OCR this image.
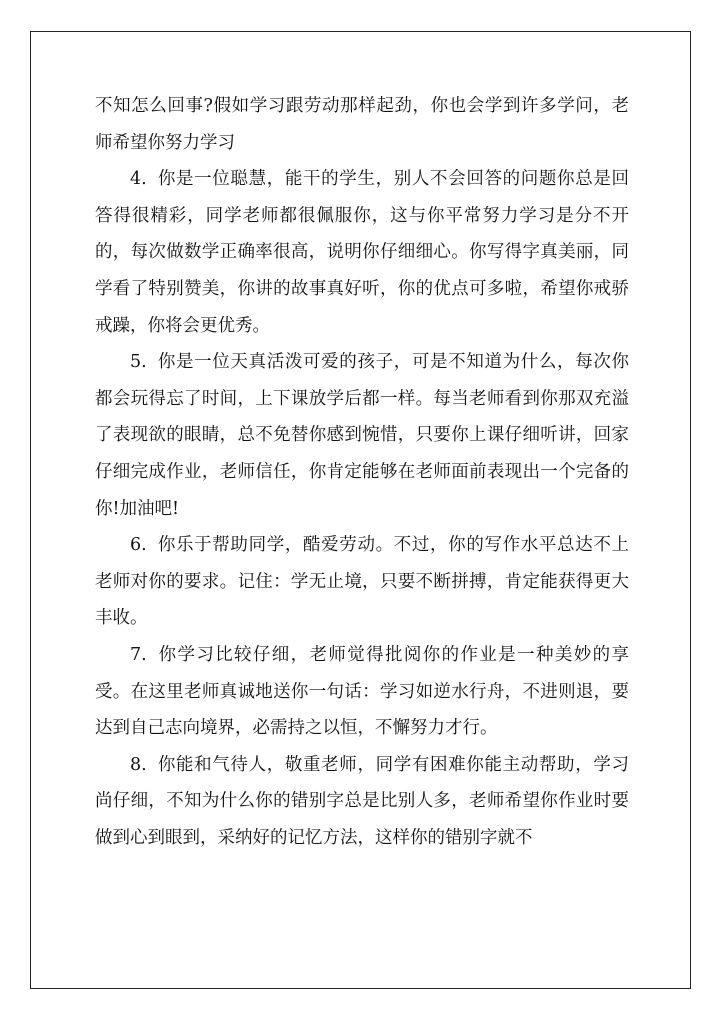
不知怎么回事?假如学习跟劳动那样起劲，你也会学到许多学问，老师希望你努力学习

4. 你是一位聪慧，能干的学生，别人不会回答的问题你总是回答得很精彩，同学老师都很佩服你，这与你平常努力学习是分不开的，每次做数学正确率很高，说明你仔细细心。你写得字真美丽，同学看了特别赞美，你讲的故事真好听，你的优点可多啦，希望你戒骄戒躁，你将会更优秀。

5. 你是一位天真活泼可爱的孩子，可是不知道为什么，每次你都会玩得忘了时间，上下课放学后都一样。每当老师看到你那双充溢了表现欲的眼睛，总不免替你感到惋惜，只要你上课仔细听讲，回家仔细完成作业，老师信任，你肯定能够在老师面前表现出一个完备的你!加油吧!

6. 你乐于帮助同学，酷爱劳动。不过，你的写作水平总达不上老师对你的要求。记住：学无止境，只要不断拼搏，肯定能获得更大丰收。

7. 你学习比较仔细，老师觉得批阅你的作业是一种美妙的享受。在这里老师真诚地送你一句话：学习如逆水行舟，不进则退，要达到自己志向境界，必需持之以恒，不懈努力才行。

8. 你能和气待人，敬重老师，同学有困难你能主动帮助，学习尚仔细，不知为什么你的错别字总是比别人多，老师希望你作业时要做到心到眼到，采纳好的记忆方法，这样你的错别字就不
